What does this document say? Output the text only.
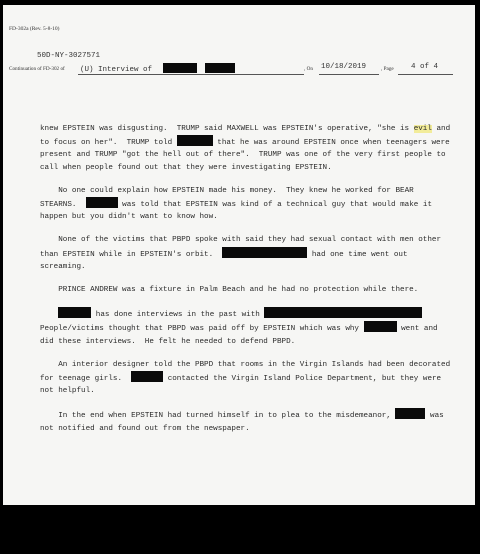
FD-302a (Rev. 5-8-10)
50D-NY-3027571
Continuation of FD-302 of (U) Interview of	, On 10/18/2019	, Page 4 of 4

knew EPSTEIN was disgusting.  TRUMP said MAXWELL was EPSTEIN's operative, "she is evil and to focus on her".  TRUMP told	that he was around EPSTEIN once when teenagers were present and TRUMP "got the hell out of there".  TRUMP was one of the very first people to call when people found out that they were investigating EPSTEIN.

No one could explain how EPSTEIN made his money.  They knew he worked for BEAR STEARNS.	was told that EPSTEIN was kind of a technical guy that would make it happen but you didn't want to know how.

None of the victims that PBPD spoke with said they had sexual contact with men other than EPSTEIN while in EPSTEIN's orbit.	had one time went out screaming.

PRINCE ANDREW was a fixture in Palm Beach and he had no protection while there.

has done interviews in the past with	People/victims thought that PBPD was paid off by EPSTEIN which was why	went and did these interviews.  He felt he needed to defend PBPD.

An interior designer told the PBPD that rooms in the Virgin Islands had been decorated for teenage girls.	contacted the Virgin Island Police Department, but they were not helpful.

In the end when EPSTEIN had turned himself in to plea to the misdemeanor,	was not notified and found out from the newspaper.
